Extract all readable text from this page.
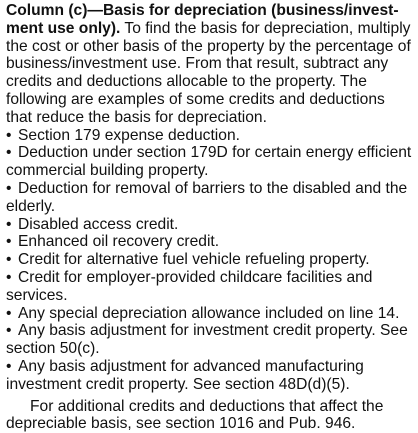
Column (c)—Basis for depreciation (business/invest-ment use only). To find the basis for depreciation, multiply the cost or other basis of the property by the percentage of business/investment use. From that result, subtract any credits and deductions allocable to the property. The following are examples of some credits and deductions that reduce the basis for depreciation.

• Section 179 expense deduction.
• Deduction under section 179D for certain energy efficient commercial building property.
• Deduction for removal of barriers to the disabled and the elderly.
• Disabled access credit.
• Enhanced oil recovery credit.
• Credit for alternative fuel vehicle refueling property.
• Credit for employer-provided childcare facilities and services.
• Any special depreciation allowance included on line 14.
• Any basis adjustment for investment credit property. See section 50(c).
• Any basis adjustment for advanced manufacturing investment credit property. See section 48D(d)(5).

For additional credits and deductions that affect the depreciable basis, see section 1016 and Pub. 946.
